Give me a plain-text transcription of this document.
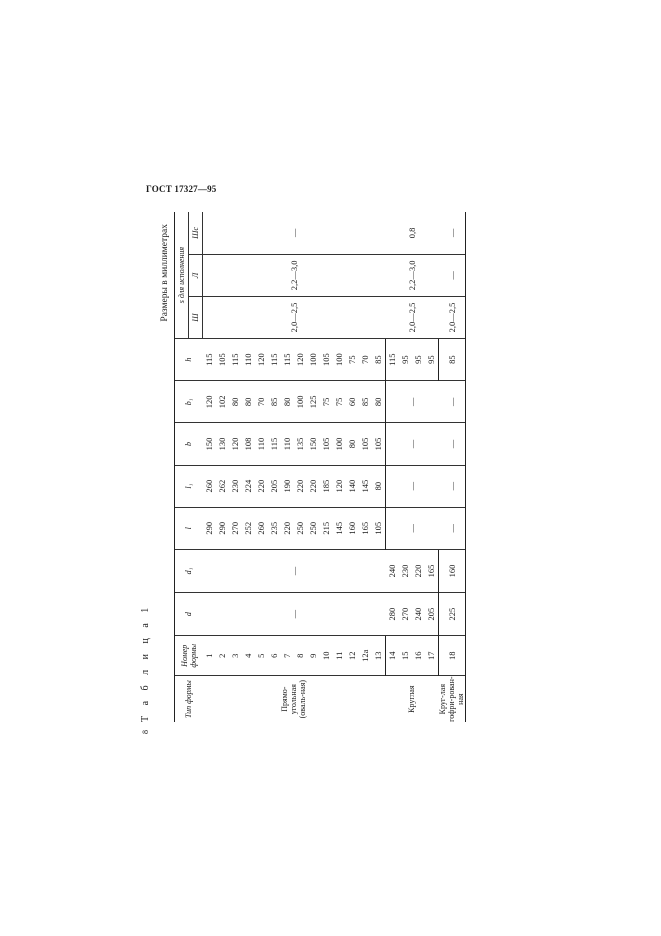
ГОСТ 17327—95
8
Т а б л и ц а 1
Размеры в миллиметрах
Тип формы	Номер формы	d	d₁	l	l₁	b	b₁	h	s для исполнения		
									Ш	Л	Шс
Прямо-угольная (оваль-ная)	1	—	—	290	260	150	120	115	2,0—2,5	2,2—3,0	—
	2			290	262	130	102	105			
	3			270	230	120	80	115			
	4			252	224	108	80	110			
	5			260	220	110	70	120			
	6			235	205	115	85	115			
	7			220	190	110	80	115			
	8			250	220	135	100	120			
	9			250	220	150	125	100			
	10			215	185	105	75	105			
	11			145	120	100	75	100			
	12			160	140	80	60	75			
	12а			165	145	105	85	70			
	13			105	80	105	80	85			
Круглая	14	280	240	—	—	—	—	115	2,0—2,5	2,2—3,0	0,8
	15	270	230					95			
	16	240	220					95			
	17	205	165					95			
Круг-лая гофри-рован-ная	18	225	160	—	—	—	—	85	2,0—2,5	—	—
